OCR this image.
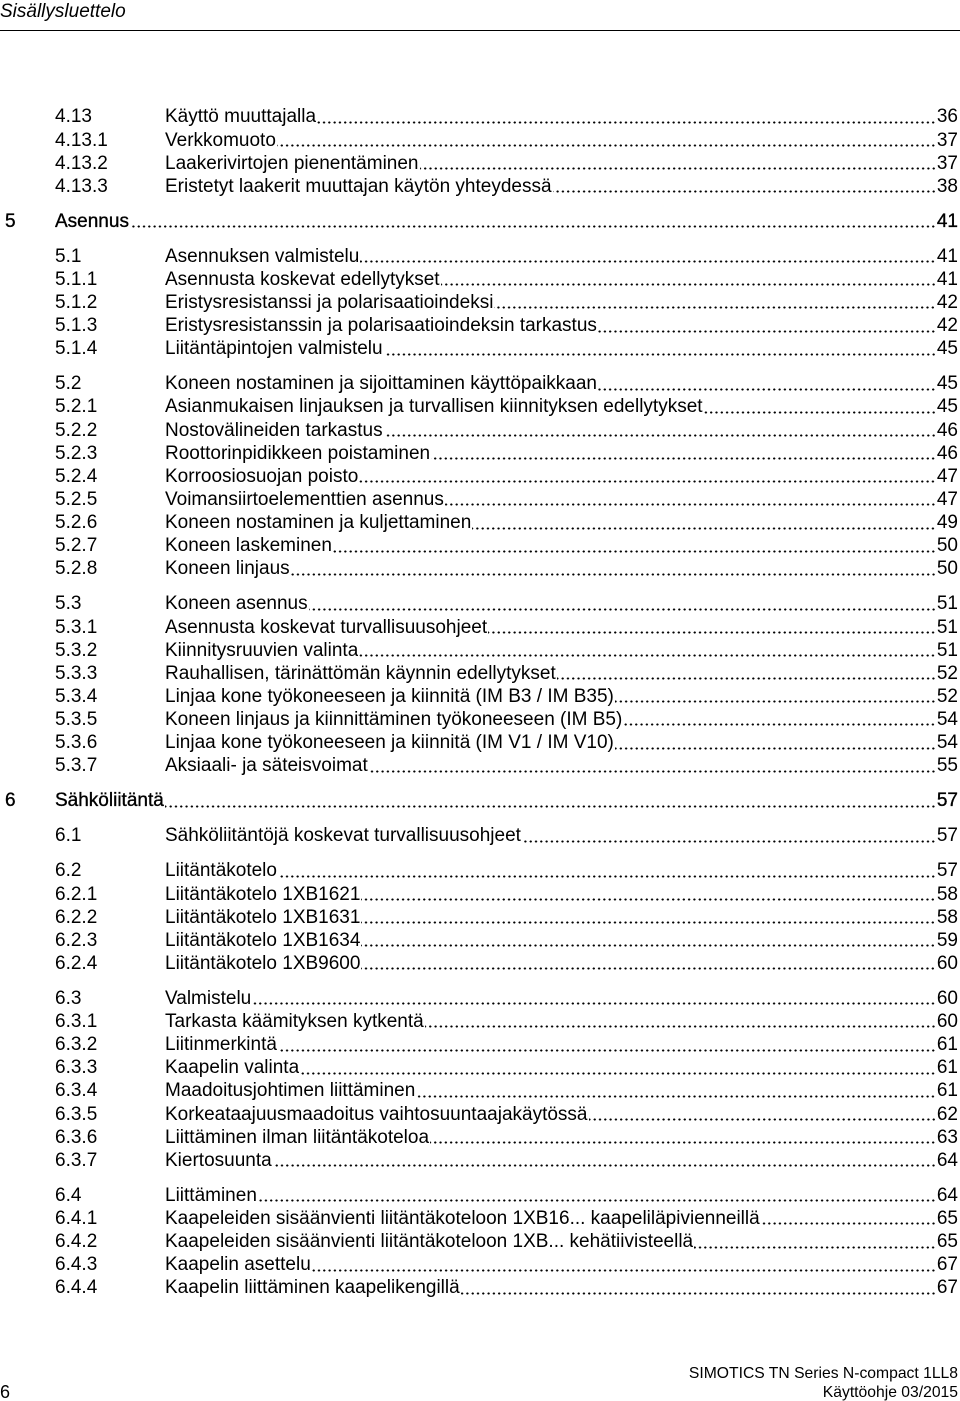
Sisällysluettelo
4.13	Käyttö muuttajalla	36
4.13.1	Verkkomuoto	37
4.13.2	Laakerivirtojen pienentäminen	37
4.13.3	Eristetyt laakerit muuttajan käytön yhteydessä	38
5	Asennus	41
5.1	Asennuksen valmistelu	41
5.1.1	Asennusta koskevat edellytykset	41
5.1.2	Eristysresistanssi ja polarisaatioindeksi	42
5.1.3	Eristysresistanssin ja polarisaatioindeksin tarkastus	42
5.1.4	Liitäntäpintojen valmistelu	45
5.2	Koneen nostaminen ja sijoittaminen käyttöpaikkaan	45
5.2.1	Asianmukaisen linjauksen ja turvallisen kiinnityksen edellytykset	45
5.2.2	Nostovälineiden tarkastus	46
5.2.3	Roottorinpidikkeen poistaminen	46
5.2.4	Korroosiosuojan poisto	47
5.2.5	Voimansiirtoelementtien asennus	47
5.2.6	Koneen nostaminen ja kuljettaminen	49
5.2.7	Koneen laskeminen	50
5.2.8	Koneen linjaus	50
5.3	Koneen asennus	51
5.3.1	Asennusta koskevat turvallisuusohjeet	51
5.3.2	Kiinnitysruuvien valinta	51
5.3.3	Rauhallisen, tärinättömän käynnin edellytykset	52
5.3.4	Linjaa kone työkoneeseen ja kiinnitä (IM B3 / IM B35)	52
5.3.5	Koneen linjaus ja kiinnittäminen työkoneeseen (IM B5)	54
5.3.6	Linjaa kone työkoneeseen ja kiinnitä (IM V1 / IM V10)	54
5.3.7	Aksiaali- ja säteisvoimat	55
6	Sähköliitäntä	57
6.1	Sähköliitäntöjä koskevat turvallisuusohjeet	57
6.2	Liitäntäkotelo	57
6.2.1	Liitäntäkotelo 1XB1621	58
6.2.2	Liitäntäkotelo 1XB1631	58
6.2.3	Liitäntäkotelo 1XB1634	59
6.2.4	Liitäntäkotelo 1XB9600	60
6.3	Valmistelu	60
6.3.1	Tarkasta käämityksen kytkentä	60
6.3.2	Liitinmerkintä	61
6.3.3	Kaapelin valinta	61
6.3.4	Maadoitusjohtimen liittäminen	61
6.3.5	Korkeataajuusmaadoitus vaihtosuuntaajakäytössä	62
6.3.6	Liittäminen ilman liitäntäkoteloa	63
6.3.7	Kiertosuunta	64
6.4	Liittäminen	64
6.4.1	Kaapeleiden sisäänvienti liitäntäkoteloon 1XB16... kaapeliläpivienneillä	65
6.4.2	Kaapeleiden sisäänvienti liitäntäkoteloon 1XB... kehätiivisteellä	65
6.4.3	Kaapelin asettelu	67
6.4.4	Kaapelin liittäminen kaapelikengillä	67
6
SIMOTICS TN Series N-compact 1LL8
Käyttöohje 03/2015
